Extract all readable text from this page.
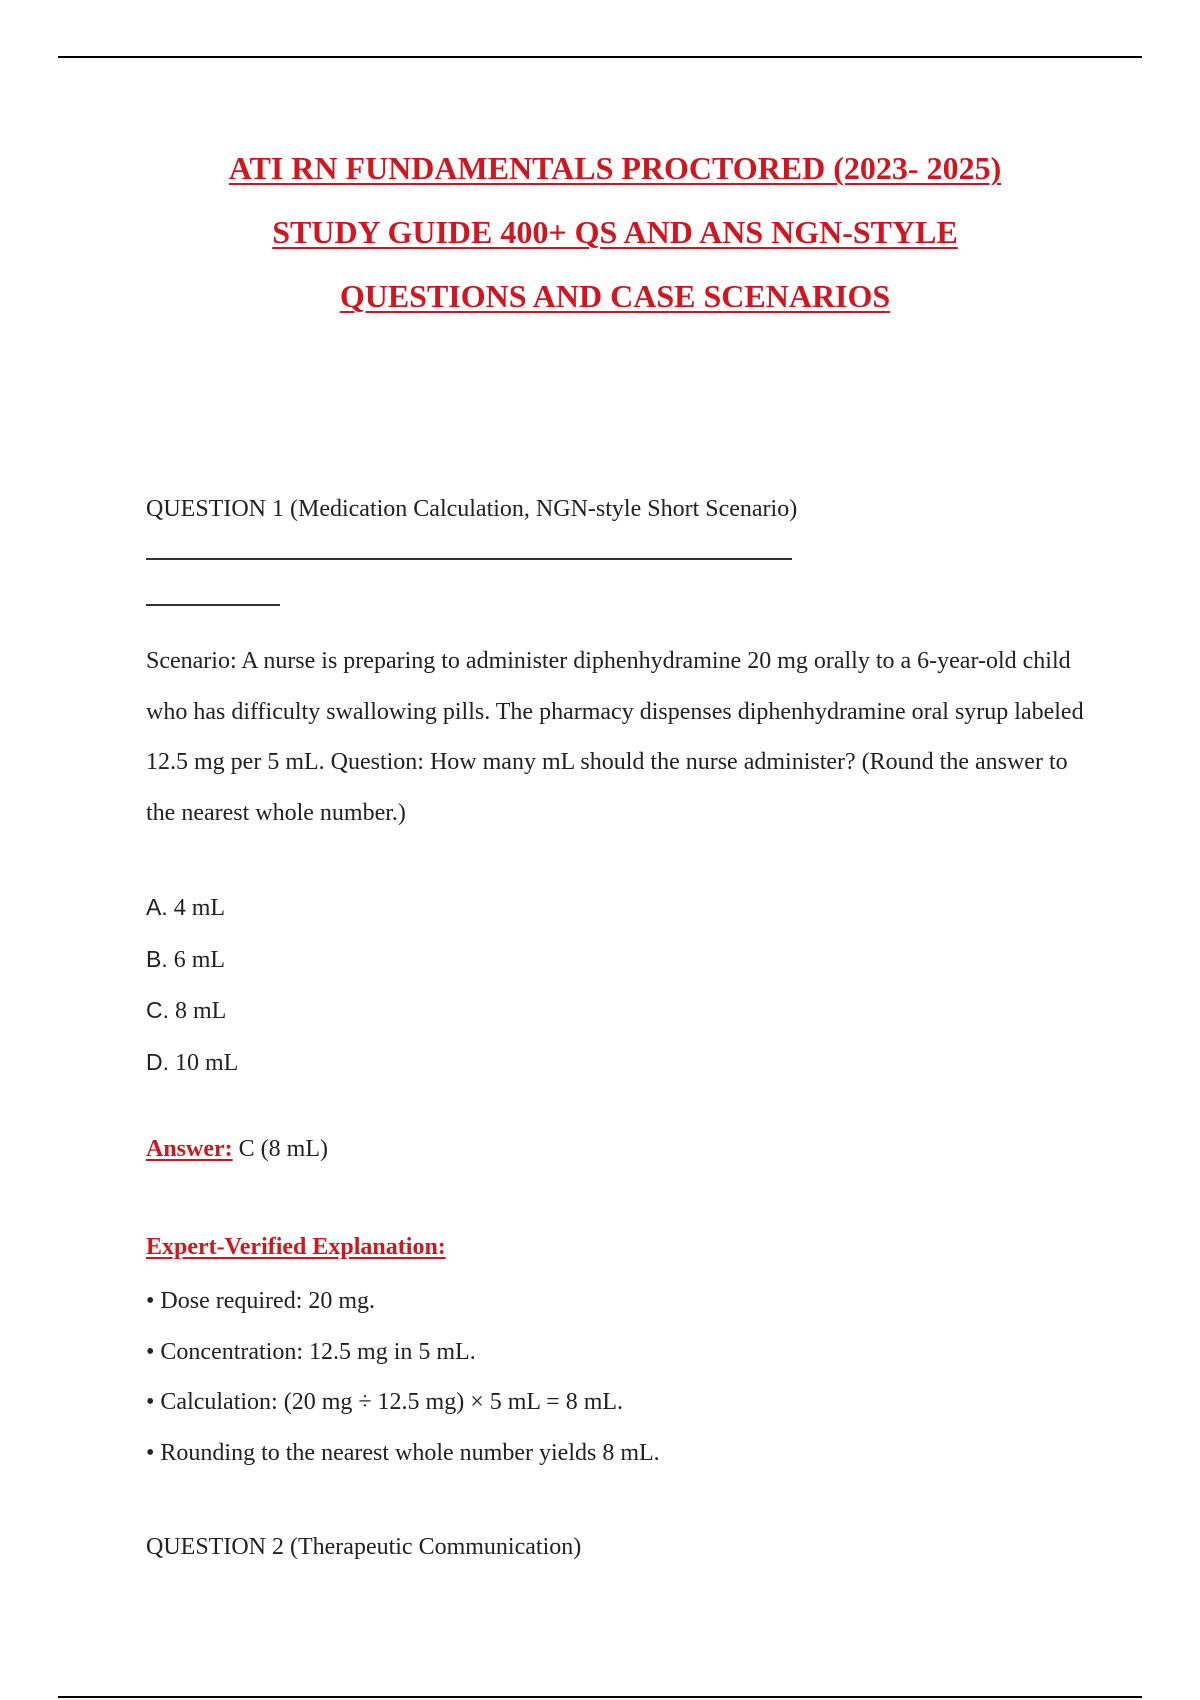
ATI RN FUNDAMENTALS PROCTORED (2023- 2025)
STUDY GUIDE 400+ QS AND ANS NGN-STYLE
QUESTIONS AND CASE SCENARIOS
QUESTION 1 (Medication Calculation, NGN-style Short Scenario)
Scenario: A nurse is preparing to administer diphenhydramine 20 mg orally to a 6-year-old child who has difficulty swallowing pills. The pharmacy dispenses diphenhydramine oral syrup labeled 12.5 mg per 5 mL. Question: How many mL should the nurse administer? (Round the answer to the nearest whole number.)
A. 4 mL
B. 6 mL
C. 8 mL
D. 10 mL
Answer: C (8 mL)
Expert-Verified Explanation:
• Dose required: 20 mg.
• Concentration: 12.5 mg in 5 mL.
• Calculation: (20 mg ÷ 12.5 mg) × 5 mL = 8 mL.
• Rounding to the nearest whole number yields 8 mL.
QUESTION 2 (Therapeutic Communication)
